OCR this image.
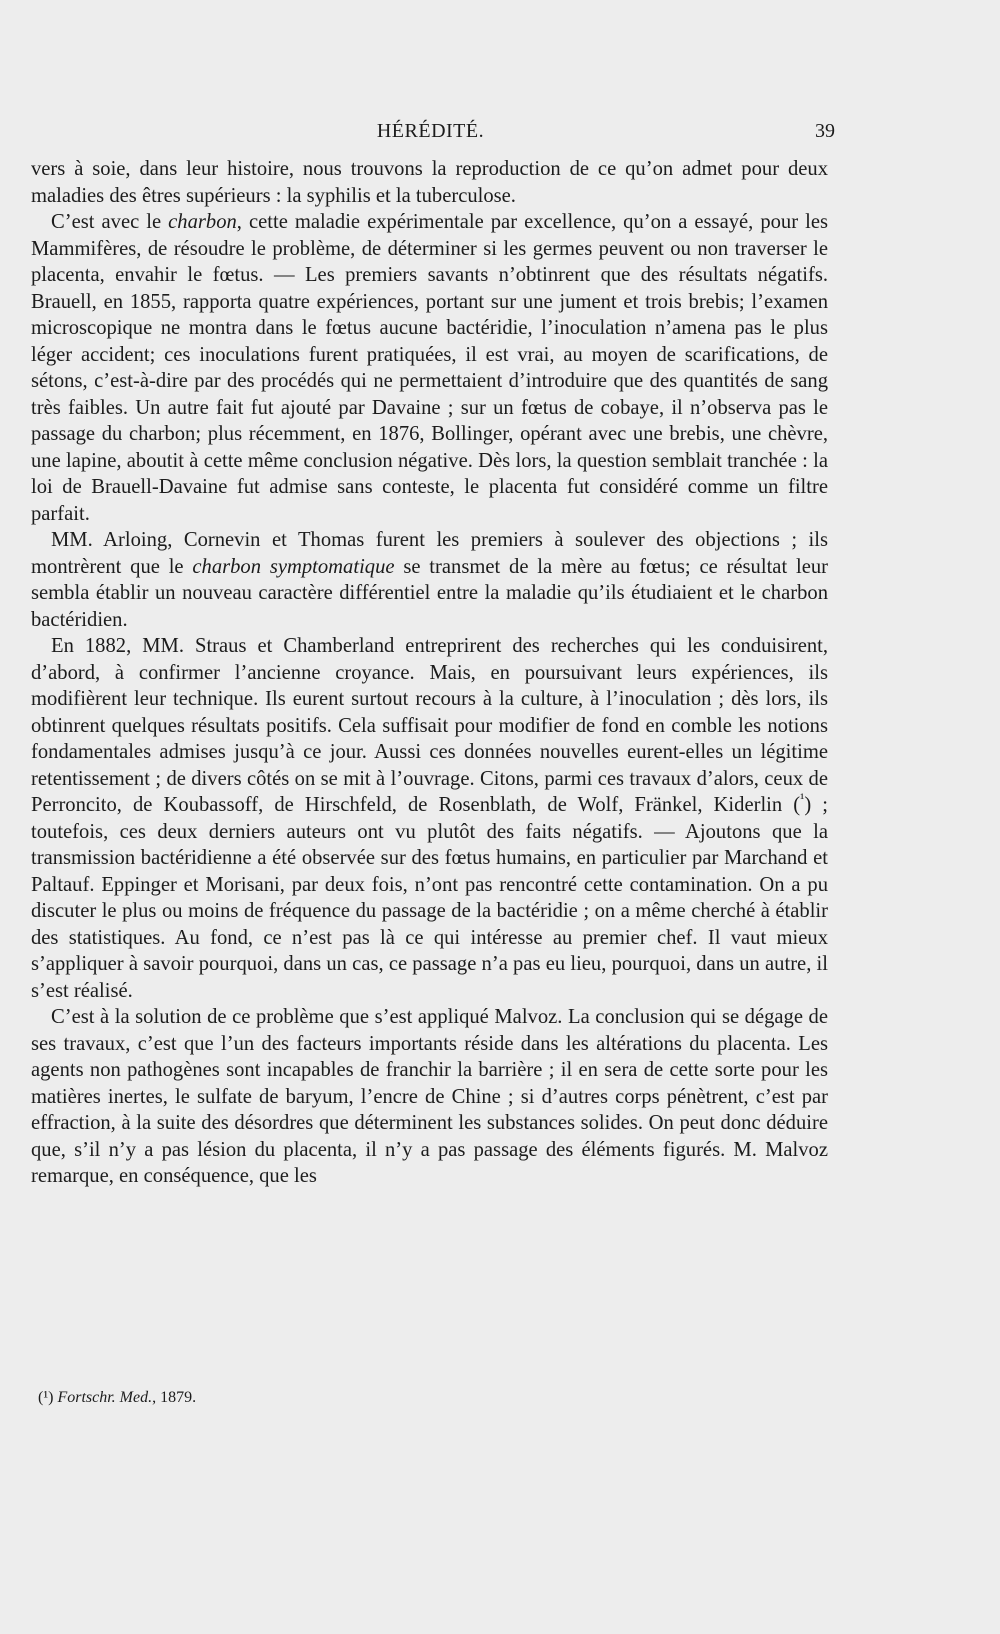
HÉRÉDITÉ.	39

vers à soie, dans leur histoire, nous trouvons la reproduction de ce qu’on admet pour deux maladies des êtres supérieurs : la syphilis et la tuberculose.

C’est avec le charbon, cette maladie expérimentale par excellence, qu’on a essayé, pour les Mammifères, de résoudre le problème, de déterminer si les germes peuvent ou non traverser le placenta, envahir le fœtus. — Les premiers savants n’obtinrent que des résultats négatifs. Brauell, en 1855, rapporta quatre expériences, portant sur une jument et trois brebis; l’examen microscopique ne montra dans le fœtus aucune bactéridie, l’inoculation n’amena pas le plus léger accident; ces inoculations furent pratiquées, il est vrai, au moyen de scarifications, de sétons, c’est-à-dire par des procédés qui ne permettaient d’introduire que des quantités de sang très faibles. Un autre fait fut ajouté par Davaine ; sur un fœtus de cobaye, il n’observa pas le passage du charbon; plus récemment, en 1876, Bollinger, opérant avec une brebis, une chèvre, une lapine, aboutit à cette même conclusion négative. Dès lors, la question semblait tranchée : la loi de Brauell-Davaine fut admise sans conteste, le placenta fut considéré comme un filtre parfait.

MM. Arloing, Cornevin et Thomas furent les premiers à soulever des objections ; ils montrèrent que le charbon symptomatique se transmet de la mère au fœtus; ce résultat leur sembla établir un nouveau caractère différentiel entre la maladie qu’ils étudiaient et le charbon bactéridien.

En 1882, MM. Straus et Chamberland entreprirent des recherches qui les conduisirent, d’abord, à confirmer l’ancienne croyance. Mais, en poursuivant leurs expériences, ils modifièrent leur technique. Ils eurent surtout recours à la culture, à l’inoculation ; dès lors, ils obtinrent quelques résultats positifs. Cela suffisait pour modifier de fond en comble les notions fondamentales admises jusqu’à ce jour. Aussi ces données nouvelles eurent-elles un légitime retentissement ; de divers côtés on se mit à l’ouvrage. Citons, parmi ces travaux d’alors, ceux de Perroncito, de Koubassoff, de Hirschfeld, de Rosenblath, de Wolf, Fränkel, Kiderlin ($^{^1}$) ; toutefois, ces deux derniers auteurs ont vu plutôt des faits négatifs. — Ajoutons que la transmission bactéridienne a été observée sur des fœtus humains, en particulier par Marchand et Paltauf. Eppinger et Morisani, par deux fois, n’ont pas rencontré cette contamination. On a pu discuter le plus ou moins de fréquence du passage de la bactéridie ; on a même cherché à établir des statistiques. Au fond, ce n’est pas là ce qui intéresse au premier chef. Il vaut mieux s’appliquer à savoir pourquoi, dans un cas, ce passage n’a pas eu lieu, pourquoi, dans un autre, il s’est réalisé.

C’est à la solution de ce problème que s’est appliqué Malvoz. La conclusion qui se dégage de ses travaux, c’est que l’un des facteurs importants réside dans les altérations du placenta. Les agents non pathogènes sont incapables de franchir la barrière ; il en sera de cette sorte pour les matières inertes, le sulfate de baryum, l’encre de Chine ; si d’autres corps pénètrent, c’est par effraction, à la suite des désordres que déterminent les substances solides. On peut donc déduire que, s’il n’y a pas lésion du placenta, il n’y a pas passage des éléments figurés. M. Malvoz remarque, en conséquence, que les

(¹) Fortschr. Med., 1879.
